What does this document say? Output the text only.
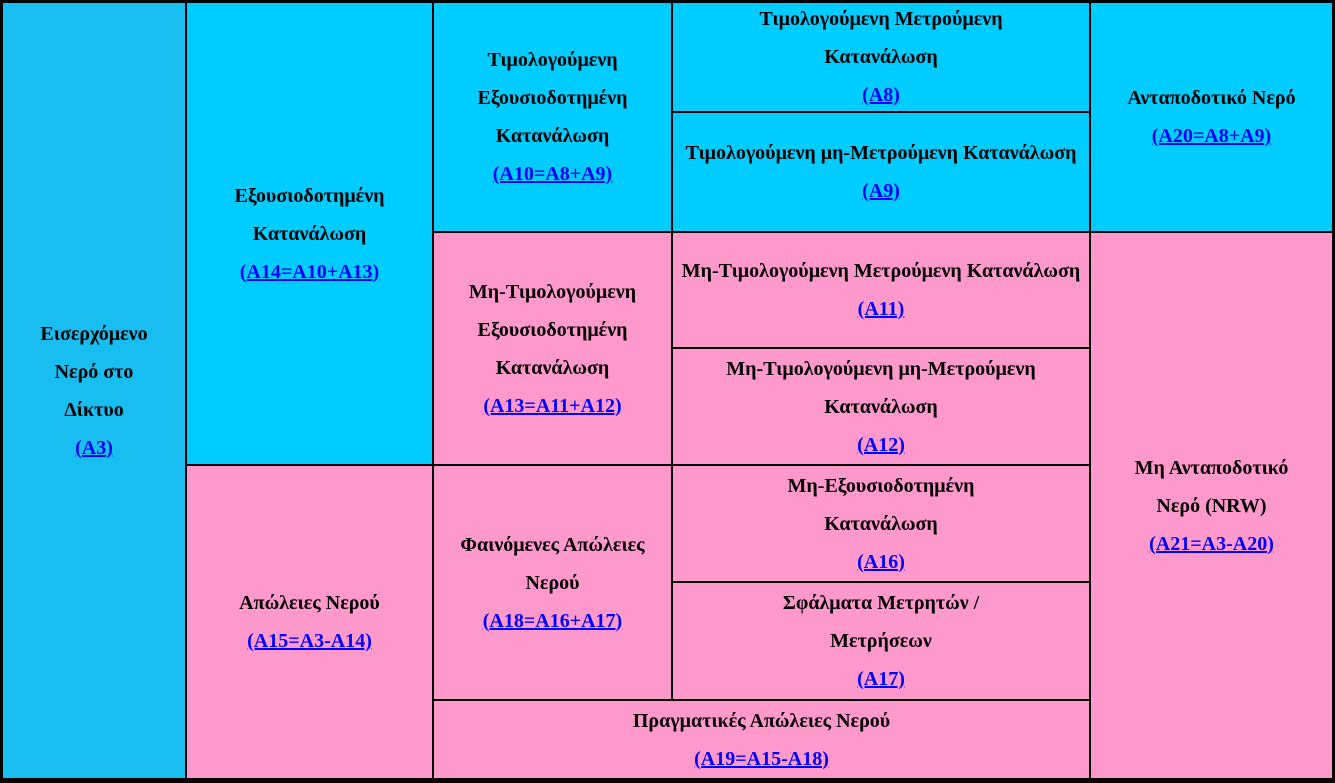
Εισερχόμενο Νερό στο Δίκτυο
(A3)
Εξουσιοδοτημένη Κατανάλωση
(A14=A10+A13)
Απώλειες Νερού
(A15=A3-A14)
Τιμολογούμενη Εξουσιοδοτημένη Κατανάλωση
(A10=A8+A9)
Μη-Τιμολογούμενη Εξουσιοδοτημένη Κατανάλωση
(A13=A11+A12)
Φαινόμενες Απώλειες Νερού
(A18=A16+A17)
Πραγματικές Απώλειες Νερού
(A19=A15-A18)
Τιμολογούμενη Μετρούμενη Κατανάλωση
(A8)
Τιμολογούμενη μη-Μετρούμενη Κατανάλωση
(A9)
Μη-Τιμολογούμενη Μετρούμενη Κατανάλωση
(A11)
Μη-Τιμολογούμενη μη-Μετρούμενη Κατανάλωση
(A12)
Μη-Εξουσιοδοτημένη Κατανάλωση
(A16)
Σφάλματα Μετρητών / Μετρήσεων
(A17)
Ανταποδοτικό Νερό
(A20=A8+A9)
Μη Ανταποδοτικό Νερό (NRW)
(A21=A3-A20)
